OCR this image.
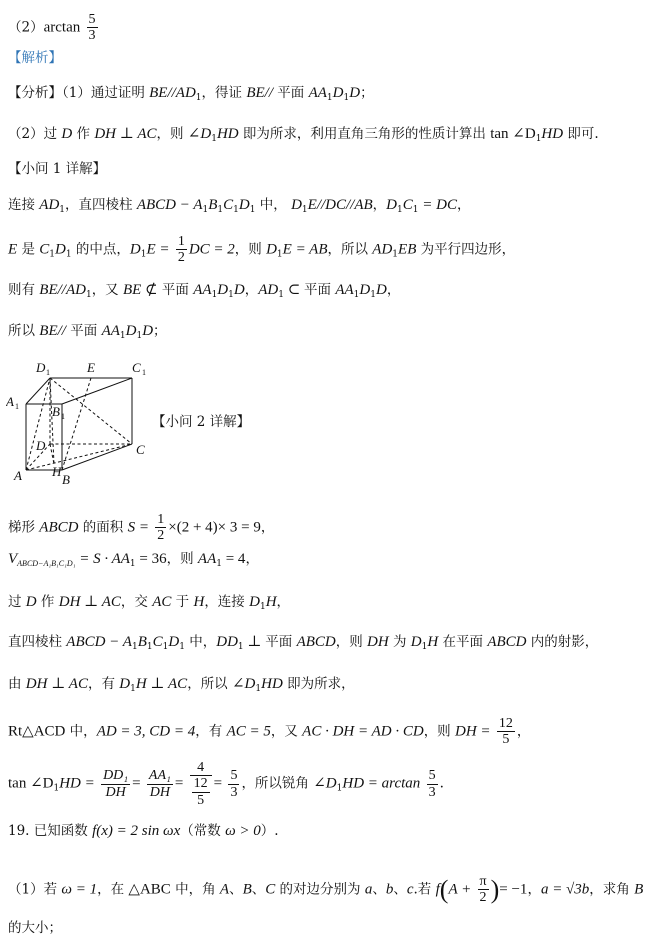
$(2)\arctan \frac{5}{3}$
【解析】
【分析】（1）通过证明 $BE//AD_1$，得证 BE// 平面 $AA_1D_1D$；
（2）过 D 作 DH ⊥ AC，则 $\angle D_1HD$ 即为所求，利用直角三角形的性质计算出 $\tan \angle D_1HD$ 即可.
【小问 1 详解】
连接 $AD_1$，直四棱柱 ABCD − $A_1B_1C_1D_1$ 中， $D_1E//DC//AB$，$D_1C_1$ = DC，
E 是 $C_1D_1$ 的中点，$D_1E = \frac{1}{2}$ DC = 2，则 $D_1E$ = AB，所以 $AD_1EB$ 为平行四边形，
则有 $BE//AD_1$，又 BE ⊄ 平面 $AA_1D_1D$，$AD_1$ ⊂ 平面 $AA_1D_1D$，
所以 BE// 平面 $AA_1D_1D$；
D 1	E	C 1
A 1	B 1
D	C
A H
B
【小问 2 详解】
梯形 ABCD 的面积 $S = \frac{1}{2} \times(2 + 4)\times 3 = 9$，
$V_{ABCD-A_1B_1C_1D_1} = S \cdot AA_1 = 36$，则 $AA_1 = 4$，
过 D 作 DH ⊥ AC，交 AC 于 H，连接 $D_1H$，
直四棱柱 ABCD − $A_1B_1C_1D_1$ 中，$DD_1$ ⊥ 平面 ABCD，则 DH 为 $D_1H$ 在平面 ABCD 内的射影，
由 DH ⊥ AC，有 $D_1H$ ⊥ AC，所以 $\angle D_1HD$ 即为所求，
Rt△ACD 中，AD = 3, CD = 4，有 AC = 5，又 AC · DH = AD · CD，则 DH = $\frac{12}{5}$ ，
$\tan \angle D_1HD = \frac{\text{DD₁}}{DH} = \frac{\text{AA₁}}{DH} = \frac{4}{\frac{12}{5}} = \frac{5}{3}$ ，所以锐角 $\angle D_1HD = \arctan \frac{5}{3}$ .
19. 已知函数 f(x) = 2 sin ωx（常数 ω > 0）.
（1）若 ω = 1，在 △ABC 中，角 A、B、C 的对边分别为 a、b、c.若 $f(A + \frac{\pi}{2}$ )= −1，a = √3b，求角 B
的大小；
